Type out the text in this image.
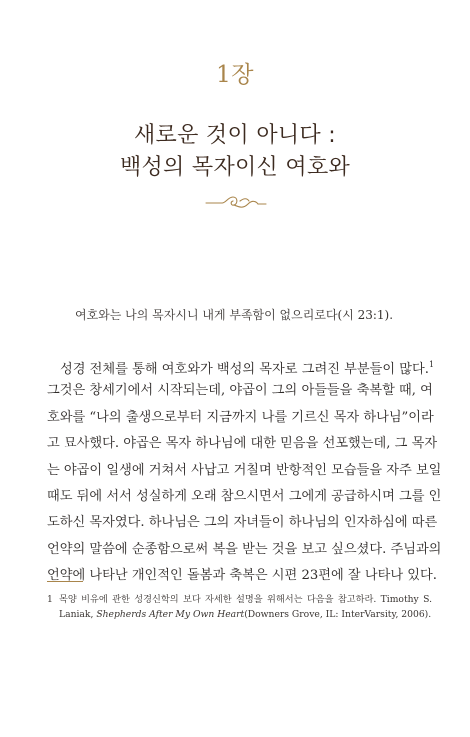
1장
새로운 것이 아니다 :
백성의 목자이신 여호와
여호와는 나의 목자시니 내게 부족함이 없으리로다(시 23:1).
성경 전체를 통해 여호와가 백성의 목자로 그려진 부분들이 많다.$^1$
그것은 창세기에서 시작되는데, 야곱이 그의 아들들을 축복할 때, 여
호와를 “나의 출생으로부터 지금까지 나를 기르신 목자 하나님”이라
고 묘사했다. 야곱은 목자 하나님에 대한 믿음을 선포했는데, 그 목자
는 야곱이 일생에 거쳐서 사납고 거칠며 반항적인 모습들을 자주 보일
때도 뒤에 서서 성실하게 오래 참으시면서 그에게 공급하시며 그를 인
도하신 목자였다. 하나님은 그의 자녀들이 하나님의 인자하심에 따른
언약의 말씀에 순종함으로써 복을 받는 것을 보고 싶으셨다. 주님과의
언약에 나타난 개인적인 돌봄과 축복은 시편 23편에 잘 나타나 있다.
1 목양 비유에 관한 성경신학의 보다 자세한 설명을 위해서는 다음을 참고하라. Timothy S.
Laniak, Shepherds After My Own Heart(Downers Grove, IL: InterVarsity, 2006).
